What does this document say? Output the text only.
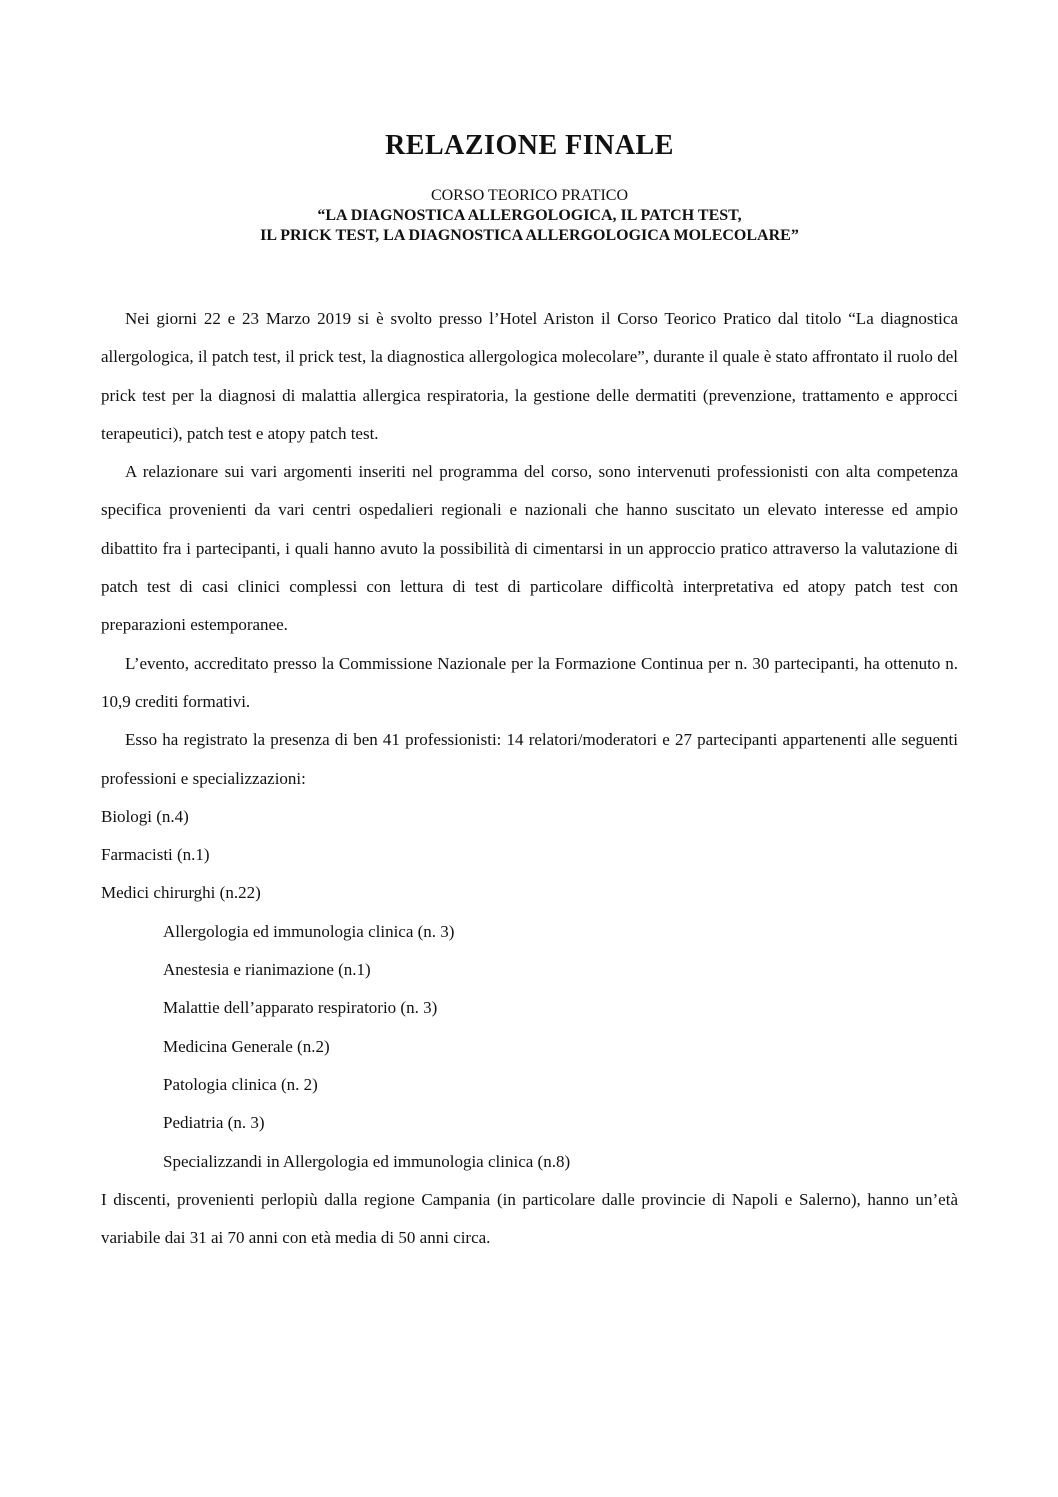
RELAZIONE FINALE

CORSO TEORICO PRATICO

“LA DIAGNOSTICA ALLERGOLOGICA, IL PATCH TEST,

IL PRICK TEST, LA DIAGNOSTICA ALLERGOLOGICA MOLECOLARE”

Nei giorni 22 e 23 Marzo 2019 si è svolto presso l’Hotel Ariston il Corso Teorico Pratico dal titolo “La diagnostica allergologica, il patch test, il prick test, la diagnostica allergologica molecolare”, durante il quale è stato affrontato il ruolo del prick test per la diagnosi di malattia allergica respiratoria, la gestione delle dermatiti (prevenzione, trattamento e approcci terapeutici), patch test e atopy patch test.

A relazionare sui vari argomenti inseriti nel programma del corso, sono intervenuti professionisti con alta competenza specifica provenienti da vari centri ospedalieri regionali e nazionali che hanno suscitato un elevato interesse ed ampio dibattito fra i partecipanti, i quali hanno avuto la possibilità di cimentarsi in un approccio pratico attraverso la valutazione di patch test di casi clinici complessi con lettura di test di particolare difficoltà interpretativa ed atopy patch test con preparazioni estemporanee.

L’evento, accreditato presso la Commissione Nazionale per la Formazione Continua per n. 30 partecipanti, ha ottenuto n. 10,9 crediti formativi.

Esso ha registrato la presenza di ben 41 professionisti: 14 relatori/moderatori e 27 partecipanti appartenenti alle seguenti professioni e specializzazioni:

Biologi (n.4)
Farmacisti (n.1)
Medici chirurghi (n.22)
Allergologia ed immunologia clinica (n. 3)
Anestesia e rianimazione (n.1)
Malattie dell’apparato respiratorio (n. 3)
Medicina Generale (n.2)
Patologia clinica (n. 2)
Pediatria (n. 3)
Specializzandi in Allergologia ed immunologia clinica (n.8)

I discenti, provenienti perlopiù dalla regione Campania (in particolare dalle provincie di Napoli e Salerno), hanno un’età variabile dai 31 ai 70 anni con età media di 50 anni circa.
